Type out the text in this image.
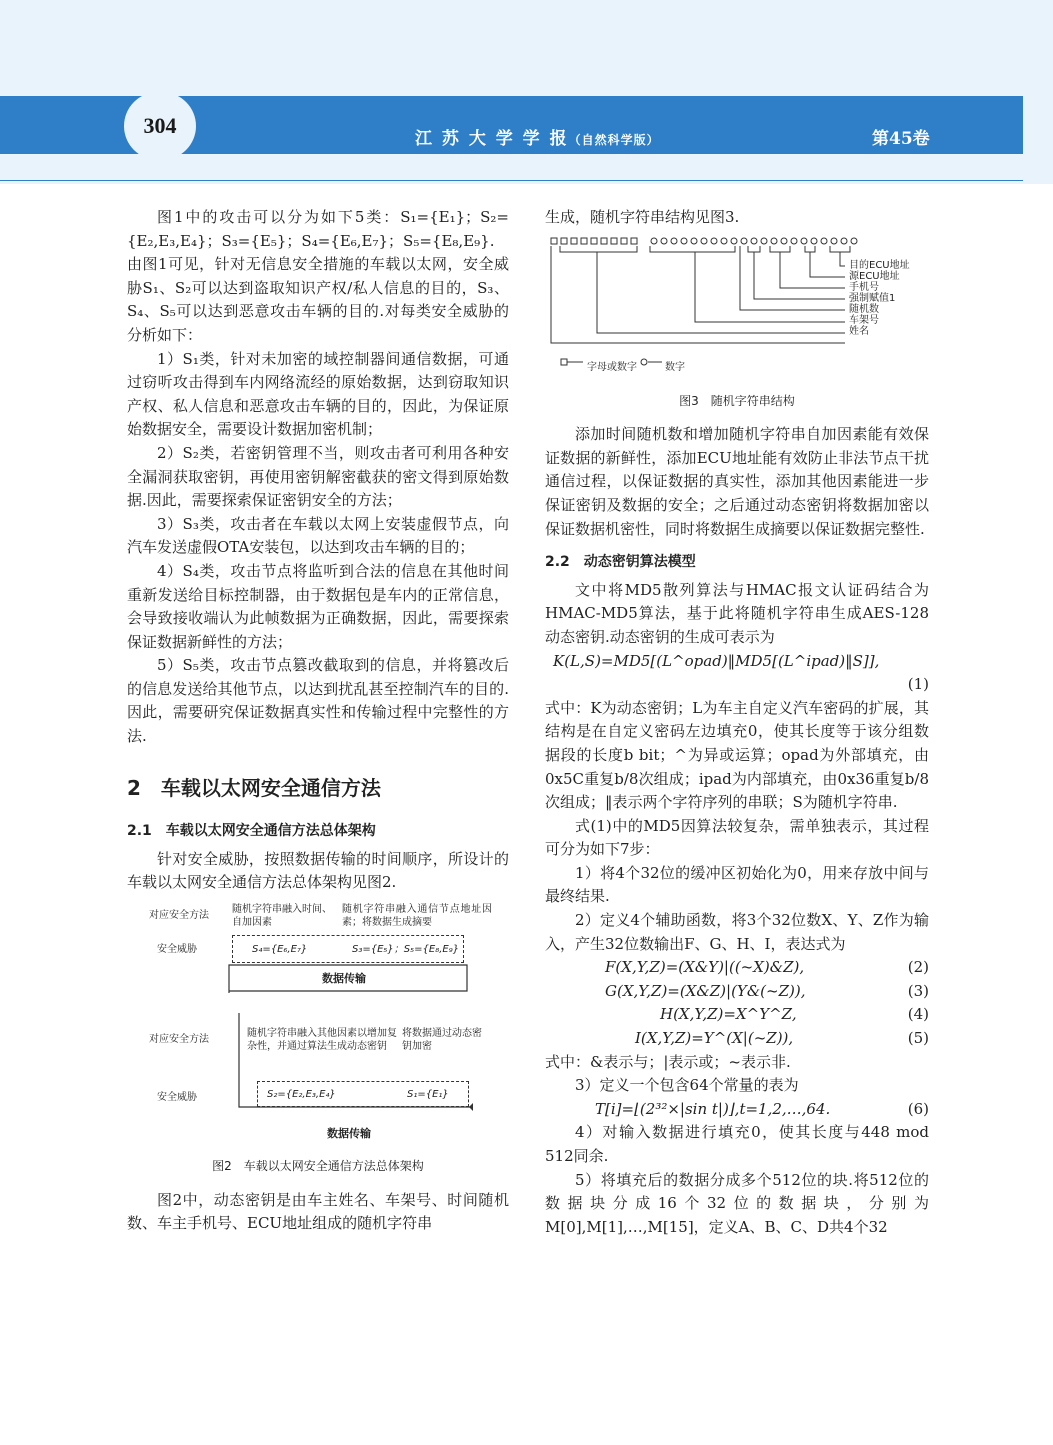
304
江 苏 大 学 学 报（自然科学版）	第45卷

图1中的攻击可以分为如下5类：S₁={E₁}；S₂={E₂,E₃,E₄}；S₃={E₅}；S₄={E₆,E₇}；S₅={E₈,E₉}.由图1可见，针对无信息安全措施的车载以太网，安全威胁S₁、S₂可以达到盗取知识产权/私人信息的目的，S₃、S₄、S₅可以达到恶意攻击车辆的目的.对每类安全威胁的分析如下：

1）S₁类，针对未加密的域控制器间通信数据，可通过窃听攻击得到车内网络流经的原始数据，达到窃取知识产权、私人信息和恶意攻击车辆的目的，因此，为保证原始数据安全，需要设计数据加密机制；

2）S₂类，若密钥管理不当，则攻击者可利用各种安全漏洞获取密钥，再使用密钥解密截获的密文得到原始数据.因此，需要探索保证密钥安全的方法；

3）S₃类，攻击者在车载以太网上安装虚假节点，向汽车发送虚假OTA安装包，以达到攻击车辆的目的；

4）S₄类，攻击节点将监听到合法的信息在其他时间重新发送给目标控制器，由于数据包是车内的正常信息，会导致接收端认为此帧数据为正确数据，因此，需要探索保证数据新鲜性的方法；

5）S₅类，攻击节点篡改截取到的信息，并将篡改后的信息发送给其他节点，以达到扰乱甚至控制汽车的目的.因此，需要研究保证数据真实性和传输过程中完整性的方法.

2　车载以太网安全通信方法
2.1　车载以太网安全通信方法总体架构

针对安全威胁，按照数据传输的时间顺序，所设计的车载以太网安全通信方法总体架构见图2.

对应安全方法
随机字符串融入时间、自加因素
随机字符串融入通信节点地址因素；将数据生成摘要
安全威胁	S₄={E₆,E₇}	S₃={E₅}；S₅={E₈,E₉}
数据传输
对应安全方法
随机字符串融入其他因素以增加复杂性，并通过算法生成动态密钥
将数据通过动态密钥加密
安全威胁	S₂={E₂,E₃,E₄}	S₁={E₁}
数据传输
图2　车载以太网安全通信方法总体架构

图2中，动态密钥是由车主姓名、车架号、时间随机数、车主手机号、ECU地址组成的随机字符串

生成，随机字符串结构见图3.

目的ECU地址
源ECU地址
手机号
强制赋值1
随机数
车架号
姓名
字母或数字	数字
图3　随机字符串结构

添加时间随机数和增加随机字符串自加因素能有效保证数据的新鲜性，添加ECU地址能有效防止非法节点干扰通信过程，以保证数据的真实性，添加其他因素能进一步保证密钥及数据的安全；之后通过动态密钥将数据加密以保证数据机密性，同时将数据生成摘要以保证数据完整性.

2.2　动态密钥算法模型

文中将MD5散列算法与HMAC报文认证码结合为HMAC-MD5算法，基于此将随机字符串生成AES-128动态密钥.动态密钥的生成可表示为

K(L,S)=MD5[(L^opad)‖MD5[(L^ipad)‖S]],
(1)

式中：K为动态密钥；L为车主自定义汽车密码的扩展，其结构是在自定义密码左边填充0，使其长度等于该分组数据段的长度b bit；^为异或运算；opad为外部填充，由0x5C重复b/8次组成；ipad为内部填充，由0x36重复b/8次组成；‖表示两个字符序列的串联；S为随机字符串.

式(1)中的MD5因算法较复杂，需单独表示，其过程可分为如下7步：

1）将4个32位的缓冲区初始化为0，用来存放中间与最终结果.

2）定义4个辅助函数，将3个32位数X、Y、Z作为输入，产生32位数输出F、G、H、I，表达式为

F(X,Y,Z)=(X&Y)|((~X)&Z),	(2)
G(X,Y,Z)=(X&Z)|(Y&(~Z)),	(3)
H(X,Y,Z)=X^Y^Z,	(4)
I(X,Y,Z)=Y^(X|(~Z)),	(5)

式中：&表示与；|表示或；~表示非.

3）定义一个包含64个常量的表为

T[i]=⌊(2³²×|sin t|)⌋,t=1,2,…,64.	(6)

4）对输入数据进行填充0，使其长度与448 mod 512同余.

5）将填充后的数据分成多个512位的块.将512位的数据块分成16个32位的数据块，分别为M[0],M[1],…,M[15]，定义A、B、C、D共4个32
